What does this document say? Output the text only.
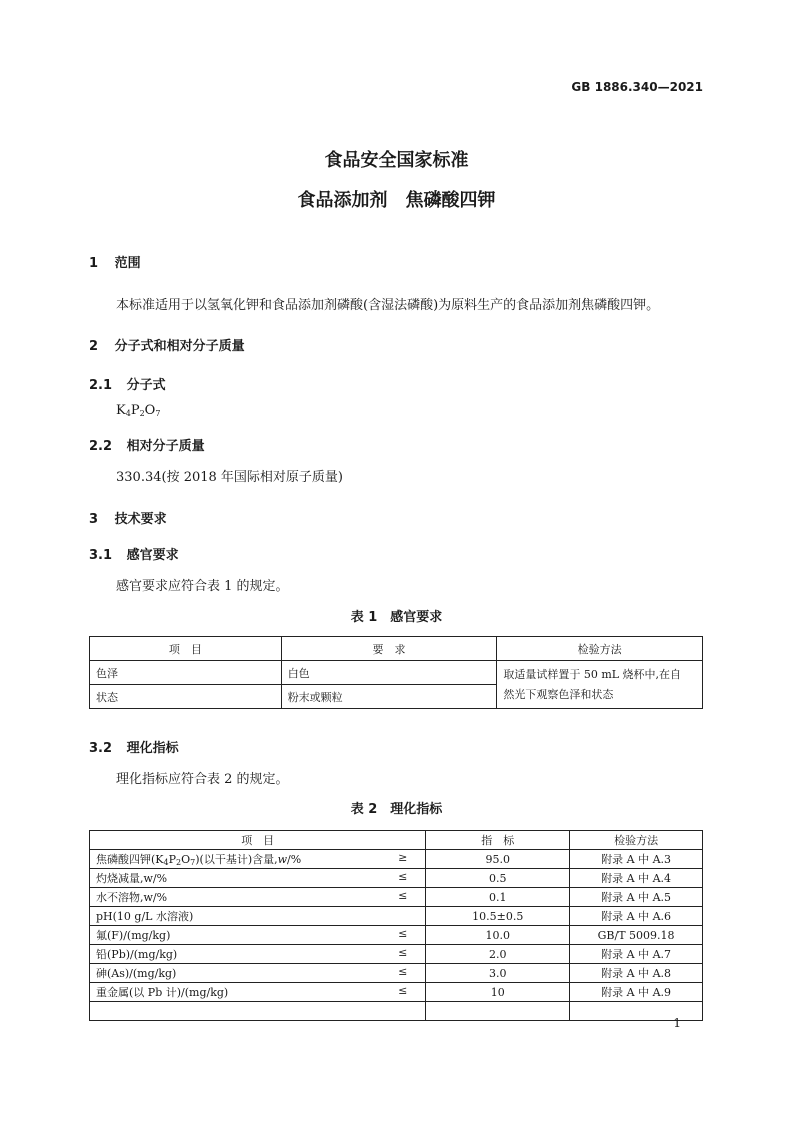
GB 1886.340—2021
食品安全国家标准
食品添加剂　焦磷酸四钾
1 范围
本标准适用于以氢氧化钾和食品添加剂磷酸(含湿法磷酸)为原料生产的食品添加剂焦磷酸四钾。
2 分子式和相对分子质量
2.1 分子式
$K_4P_2O_7$
2.2 相对分子质量
330.34(按 2018 年国际相对原子质量)
3 技术要求
3.1 感官要求
感官要求应符合表 1 的规定。
表 1　感官要求
项　目	要　求	检验方法
色泽	白色	取适量试样置于 50 mL 烧杯中,在自
然光下观察色泽和状态

状态	粉末或颗粒	
3.2 理化指标
理化指标应符合表 2 的规定。
表 2　理化指标
项　目	指　标	检验方法
焦磷酸四钾$(K_4P_2O_7)$(以干基计)含量,w/% ≥	95.0	附录 A 中 A.3
灼烧减量,w/% ≤	0.5	附录 A 中 A.4
水不溶物,w/% ≤	0.1	附录 A 中 A.5
pH(10 g/L 水溶液)	10.5±0.5	附录 A 中 A.6
氟(F)/(mg/kg) ≤	10.0	GB/T 5009.18
铅(Pb)/(mg/kg) ≤	2.0	附录 A 中 A.7
砷(As)/(mg/kg) ≤	3.0	附录 A 中 A.8
重金属(以 Pb 计)/(mg/kg) ≤	10	附录 A 中 A.9

1
